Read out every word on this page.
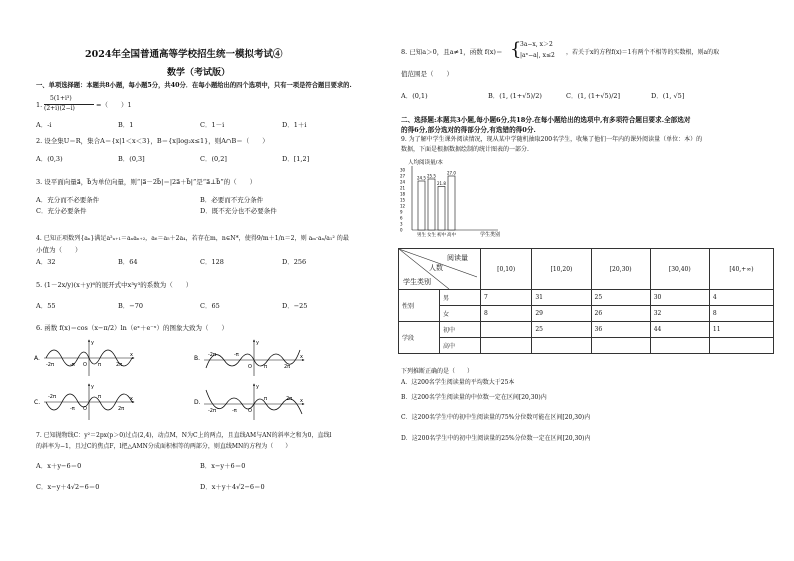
2024年全国普通高等学校招生统一模拟考试④
数学（考试版）
一、单项选择题：本题共8小题，每小题5分，共40分．在每小题给出的四个选项中，只有一项是符合题目要求的.
1.
5(1+i³)
(2+i)(2−i)	=（　　）1
A．-i	B．1	C．1－i	D．1＋i
2. 设全集U＝R，集合A＝{x|1＜x＜3}，B＝{x|log₂x≤1}，则A∩B＝（　　）
A．(0,3)	B．(0,3]	C．(0,2]	D．[1,2]
3. 设平面向量a⃗，b⃗为单位向量，则“|a⃗－2b⃗|＝|2a⃗＋b⃗|”是“a⃗⊥b⃗”的（　　）
A．充分而不必要条件	B．必要而不充分条件
C．充分必要条件	D．既不充分也不必要条件
4. 已知正项数列{aₙ}满足a²ₙ₊₁＝aₙaₙ₊₂，a₆＝a₅＋2a₄，若存在m，n∈N*，使得9/m＋1/n＝2，则 aₘ·aₙ/a₁² 的最
小值为（　　）
A．32	B．64	C．128	D．256
5. (1－2x/y)(x＋y)⁶的展开式中x³y³的系数为（　　）
A．55	B．−70	C．65	D．−25
6. 函数 f(x)＝cos（x−π/2）ln（eˣ＋e⁻ˣ）的图象大致为（　　）
A.
-2π	-π O π	2π
x
y
B. -2π	-π
O π	2π
x
y
C.
-2π
-π O
π
2π
x
y
D.
-2π	-π O
π	2π x
y
7. 已知抛物线C：y²＝2px(p＞0)过点(2,4)，动点M，N为C上的两点，且直线AM与AN的斜率之和为0，直线l
的斜率为−1，且过C的焦点F，l把△AMN分成面积相等的两部分，则直线MN的方程为（　　）
A．x＋y−6＝0	B．x−y＋6＝0
C．x−y＋4√2−6＝0	D．x＋y＋4√2−6＝0
8. 已知a＞0，且a≠1，函数 f(x)＝ {
3a−x, x＞2
|aˣ−a|, x≤2 ，若关于x的方程f(x)＝1有两个不相等的实数根，则a的取
值范围是（　　）
A．(0,1)	B．(1, (1+√5)/2)	C．(1, (1+√5)/2]	D．(1, √5]
二、选择题:本题共3小题,每小题6分,共18分.在每小题给出的选项中,有多项符合题目要求.全部选对
的得6分,部分选对的得部分分,有选错的得0分.
9. 为了解中学生课外阅读情况，现从某中学随机抽取200名学生，收集了他们一年内的课外阅读量（单位：本）的
数据，下面是根据数据绘制的统计图表的一部分.
人均阅读量/本
30
27
24
21
18
15
12
9
6
3
0
24.5
男生
25.5
女生
21.8
初中
27.0
高中	学生类别
阅读量
人数
学生类别		[0,10)	[10,20)	[20,30)	[30,40)	[40,+∞)
性别	男	7	31	25	30	4
	女	8	29	26	32	8
学段	初中		25	36	44	11
	高中					
下列推断正确的是（　　）
A．这200名学生阅读量的平均数大于25本
B．这200名学生阅读量的中位数一定在区间[20,30)内
C．这200名学生中的初中生阅读量的75%分位数可能在区间[20,30)内
D．这200名学生中的初中生阅读量的25%分位数一定在区间[20,30)内
